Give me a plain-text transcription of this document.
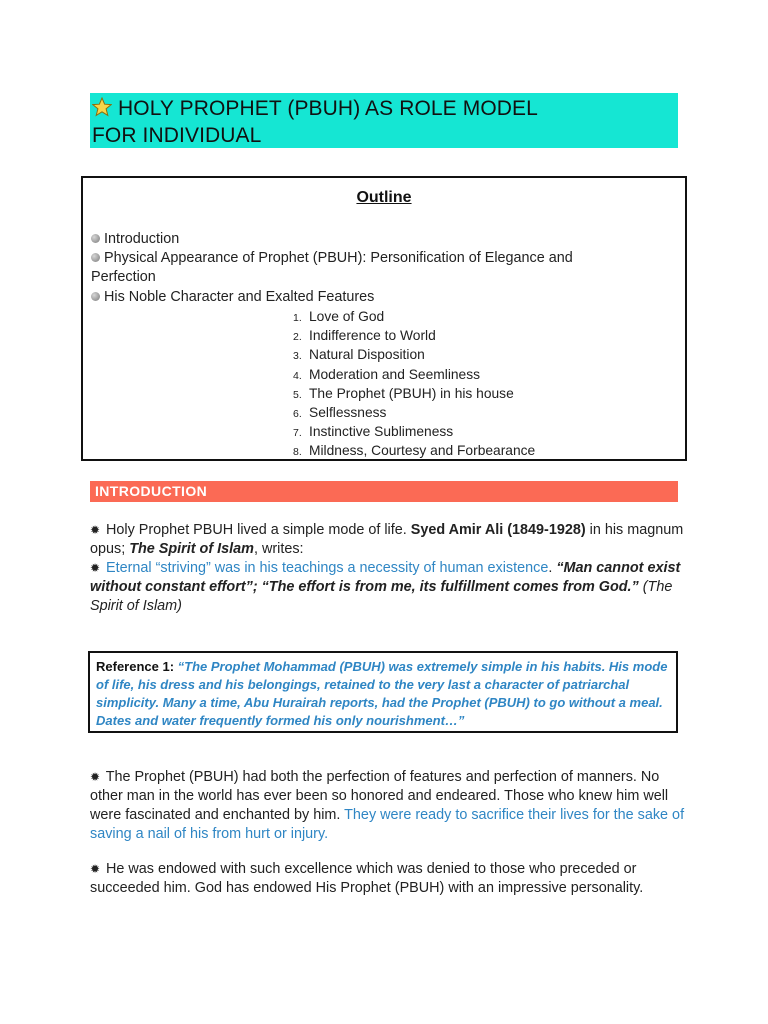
HOLY PROPHET (PBUH) AS ROLE MODEL
FOR INDIVIDUAL
Outline
Introduction
Physical Appearance of Prophet (PBUH): Personification of Elegance and
Perfection
His Noble Character and Exalted Features
1. Love of God
2. Indifference to World
3. Natural Disposition
4. Moderation and Seemliness
5. The Prophet (PBUH) in his house
6. Selflessness
7. Instinctive Sublimeness
8. Mildness, Courtesy and Forbearance
INTRODUCTION
✹ Holy Prophet PBUH lived a simple mode of life. Syed Amir Ali (1849-1928) in his magnum opus; The Spirit of Islam, writes:
✹ Eternal “striving” was in his teachings a necessity of human existence. “Man cannot exist without constant effort”; “The effort is from me, its fulfillment comes from God.” (The Spirit of Islam)
Reference 1: “The Prophet Mohammad (PBUH) was extremely simple in his habits. His mode of life, his dress and his belongings, retained to the very last a character of patriarchal simplicity. Many a time, Abu Hurairah reports, had the Prophet (PBUH) to go without a meal. Dates and water frequently formed his only nourishment…”
✹ The Prophet (PBUH) had both the perfection of features and perfection of manners. No other man in the world has ever been so honored and endeared. Those who knew him well were fascinated and enchanted by him. They were ready to sacrifice their lives for the sake of saving a nail of his from hurt or injury.
✹ He was endowed with such excellence which was denied to those who preceded or succeeded him. God has endowed His Prophet (PBUH) with an impressive personality.
